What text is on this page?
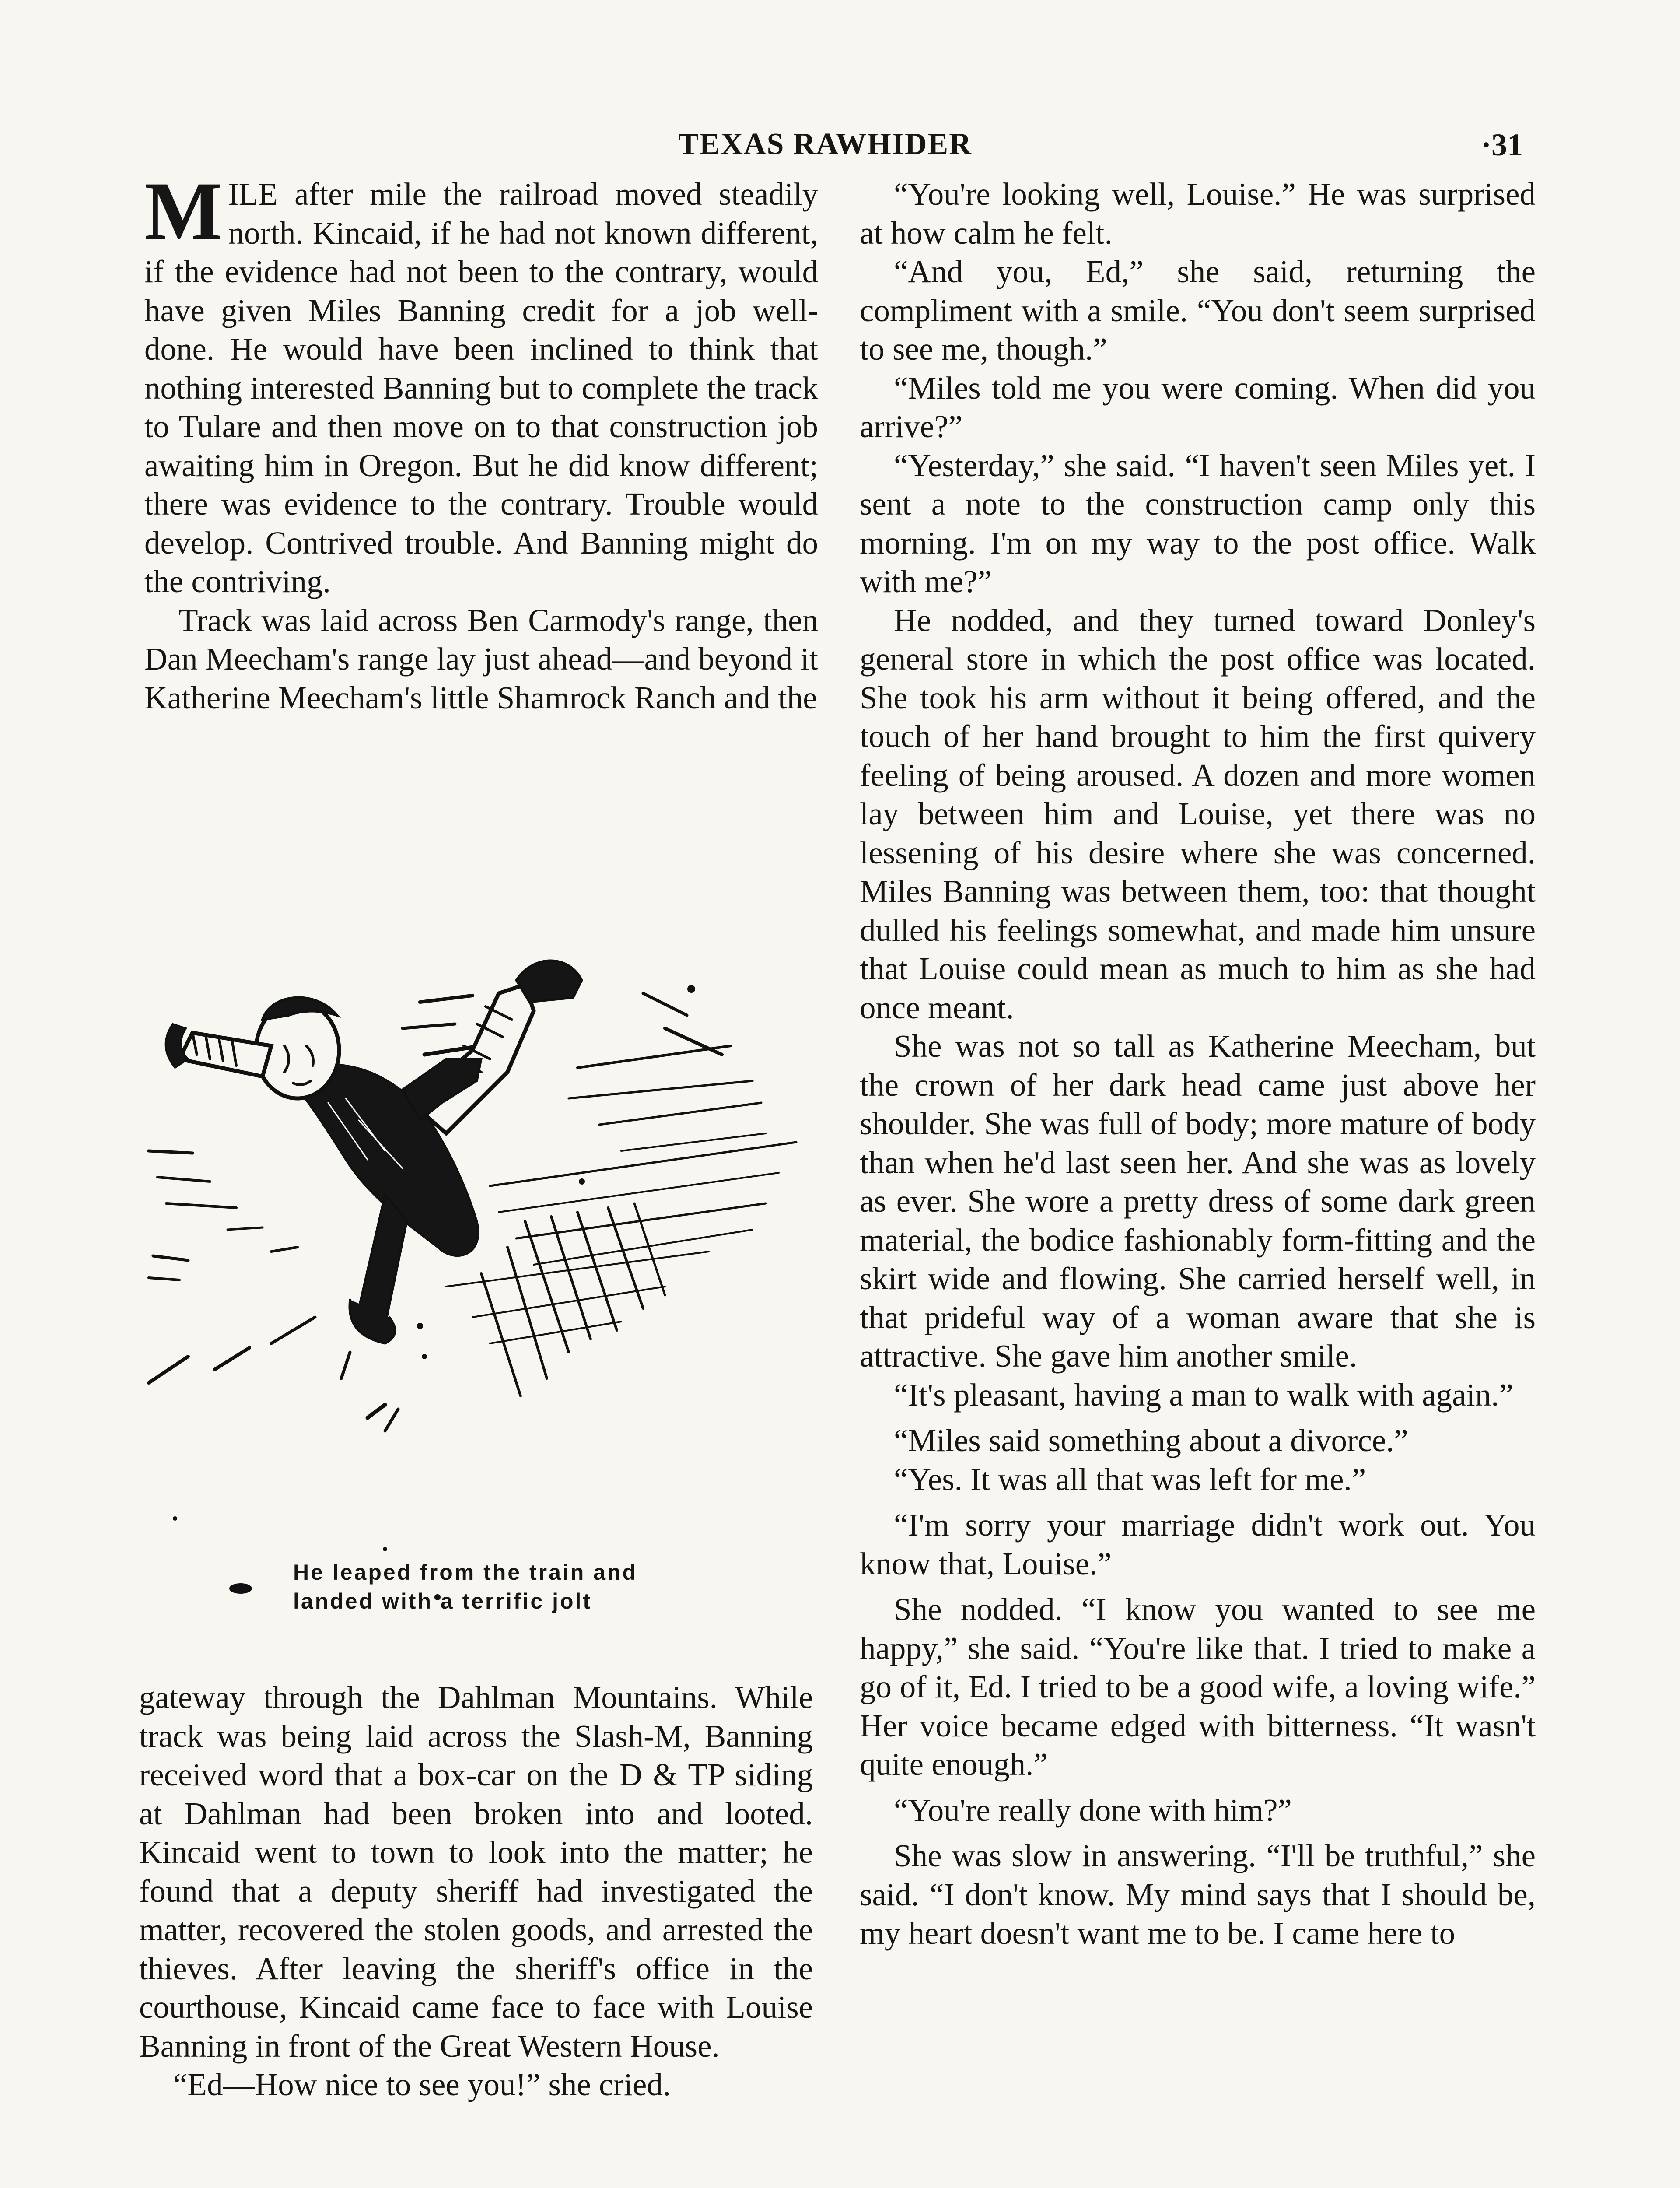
TEXAS RAWHIDER	·31

MILE after mile the railroad moved steadily north. Kincaid, if he had not known different, if the evidence had not been to the contrary, would have given Miles Banning credit for a job well-done. He would have been inclined to think that nothing interested Banning but to complete the track to Tulare and then move on to that construction job awaiting him in Oregon. But he did know different; there was evidence to the contrary. Trouble would develop. Contrived trouble. And Banning might do the contriving.

Track was laid across Ben Carmody's range, then Dan Meecham's range lay just ahead—and beyond it Katherine Meecham's little Shamrock Ranch and the

He leaped from the train and
landed with a terrific jolt

gateway through the Dahlman Mountains. While track was being laid across the Slash-M, Banning received word that a box-car on the D & TP siding at Dahlman had been broken into and looted. Kincaid went to town to look into the matter; he found that a deputy sheriff had investigated the matter, recovered the stolen goods, and arrested the thieves. After leaving the sheriff's office in the courthouse, Kincaid came face to face with Louise Banning in front of the Great Western House.

“Ed—How nice to see you!” she cried.

“You're looking well, Louise.” He was surprised at how calm he felt.

“And you, Ed,” she said, returning the compliment with a smile. “You don't seem surprised to see me, though.”

“Miles told me you were coming. When did you arrive?”

“Yesterday,” she said. “I haven't seen Miles yet. I sent a note to the construction camp only this morning. I'm on my way to the post office. Walk with me?”

He nodded, and they turned toward Donley's general store in which the post office was located. She took his arm without it being offered, and the touch of her hand brought to him the first quivery feeling of being aroused. A dozen and more women lay between him and Louise, yet there was no lessening of his desire where she was concerned. Miles Banning was between them, too: that thought dulled his feelings somewhat, and made him unsure that Louise could mean as much to him as she had once meant.

She was not so tall as Katherine Meecham, but the crown of her dark head came just above her shoulder. She was full of body; more mature of body than when he'd last seen her. And she was as lovely as ever. She wore a pretty dress of some dark green material, the bodice fashionably form-fitting and the skirt wide and flowing. She carried herself well, in that prideful way of a woman aware that she is attractive. She gave him another smile.

“It's pleasant, having a man to walk with again.”

“Miles said something about a divorce.”

“Yes. It was all that was left for me.”

“I'm sorry your marriage didn't work out. You know that, Louise.”

She nodded. “I know you wanted to see me happy,” she said. “You're like that. I tried to make a go of it, Ed. I tried to be a good wife, a loving wife.” Her voice became edged with bitterness. “It wasn't quite enough.”

“You're really done with him?”

She was slow in answering. “I'll be truthful,” she said. “I don't know. My mind says that I should be, my heart doesn't want me to be. I came here to
